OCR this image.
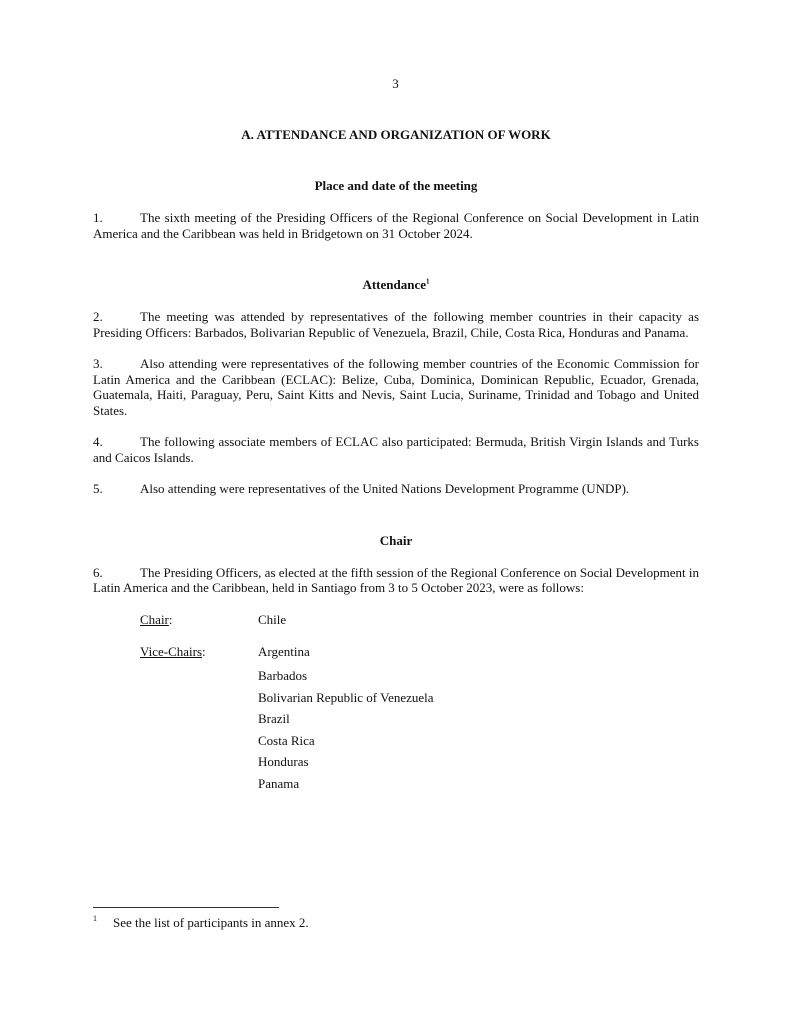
3
A. ATTENDANCE AND ORGANIZATION OF WORK
Place and date of the meeting

1.	The sixth meeting of the Presiding Officers of the Regional Conference on Social Development in Latin America and the Caribbean was held in Bridgetown on 31 October 2024.

Attendance$^1$

2.	The meeting was attended by representatives of the following member countries in their capacity as Presiding Officers: Barbados, Bolivarian Republic of Venezuela, Brazil, Chile, Costa Rica, Honduras and Panama.

3.	Also attending were representatives of the following member countries of the Economic Commission for Latin America and the Caribbean (ECLAC): Belize, Cuba, Dominica, Dominican Republic, Ecuador, Grenada, Guatemala, Haiti, Paraguay, Peru, Saint Kitts and Nevis, Saint Lucia, Suriname, Trinidad and Tobago and United States.

4.	The following associate members of ECLAC also participated: Bermuda, British Virgin Islands and Turks and Caicos Islands.

5.	Also attending were representatives of the United Nations Development Programme (UNDP).

Chair

6.	The Presiding Officers, as elected at the fifth session of the Regional Conference on Social Development in Latin America and the Caribbean, held in Santiago from 3 to 5 October 2023, were as follows:

Chair:	Chile
Vice-Chairs:	Argentina
Barbados
Bolivarian Republic of Venezuela
Brazil
Costa Rica
Honduras
Panama
1 See the list of participants in annex 2.
